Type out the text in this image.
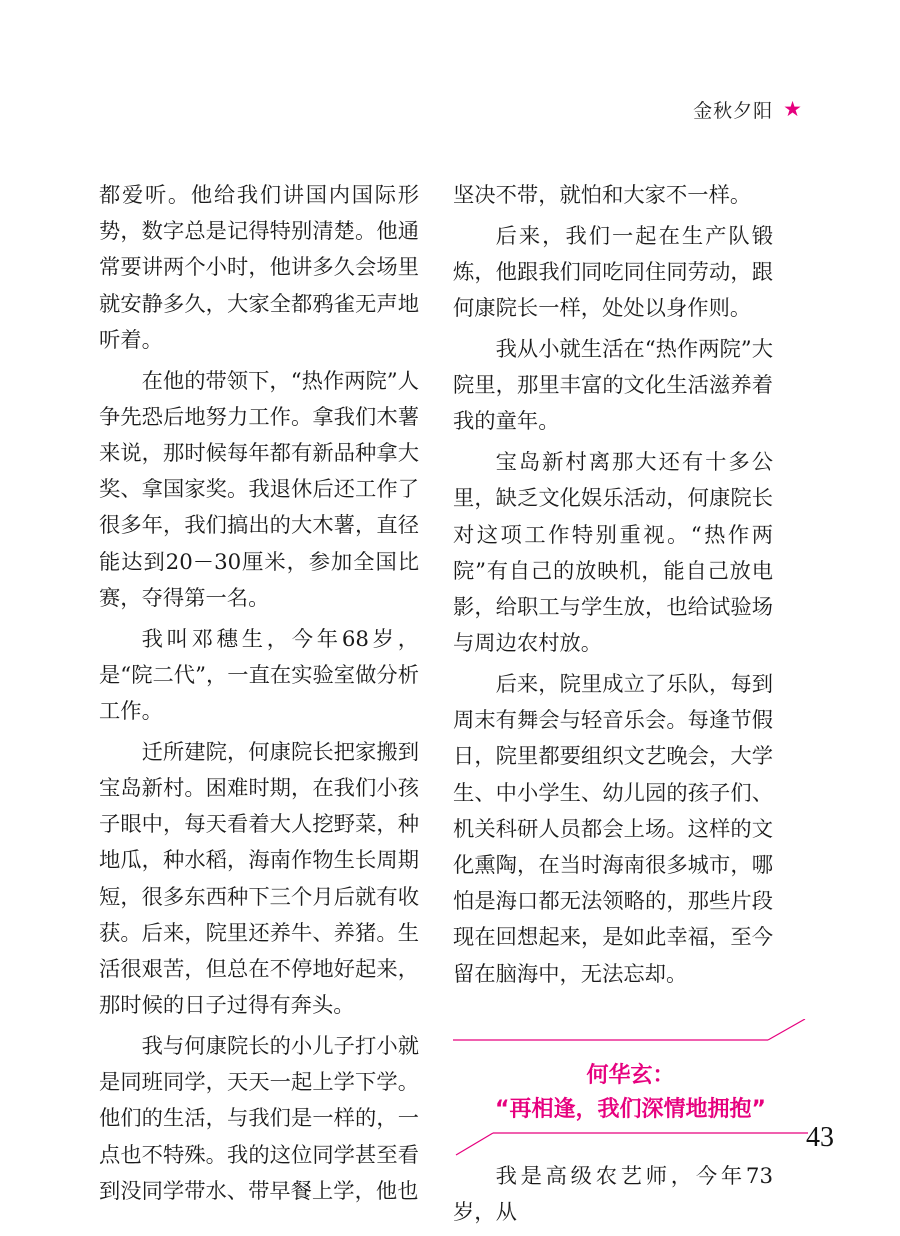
金秋夕阳 ★

都爱听。他给我们讲国内国际形势，数字总是记得特别清楚。他通常要讲两个小时，他讲多久会场里就安静多久，大家全都鸦雀无声地听着。

在他的带领下，“热作两院”人争先恐后地努力工作。拿我们木薯来说，那时候每年都有新品种拿大奖、拿国家奖。我退休后还工作了很多年，我们搞出的大木薯，直径能达到20－30厘米，参加全国比赛，夺得第一名。

我叫邓穗生，今年68岁，是“院二代”，一直在实验室做分析工作。

迁所建院，何康院长把家搬到宝岛新村。困难时期，在我们小孩子眼中，每天看着大人挖野菜，种地瓜，种水稻，海南作物生长周期短，很多东西种下三个月后就有收获。后来，院里还养牛、养猪。生活很艰苦，但总在不停地好起来，那时候的日子过得有奔头。

我与何康院长的小儿子打小就是同班同学，天天一起上学下学。他们的生活，与我们是一样的，一点也不特殊。我的这位同学甚至看到没同学带水、带早餐上学，他也

坚决不带，就怕和大家不一样。

后来，我们一起在生产队锻炼，他跟我们同吃同住同劳动，跟何康院长一样，处处以身作则。

我从小就生活在“热作两院”大院里，那里丰富的文化生活滋养着我的童年。

宝岛新村离那大还有十多公里，缺乏文化娱乐活动，何康院长对这项工作特别重视。“热作两院”有自己的放映机，能自己放电影，给职工与学生放，也给试验场与周边农村放。

后来，院里成立了乐队，每到周末有舞会与轻音乐会。每逢节假日，院里都要组织文艺晚会，大学生、中小学生、幼儿园的孩子们、机关科研人员都会上场。这样的文化熏陶，在当时海南很多城市，哪怕是海口都无法领略的，那些片段现在回想起来，是如此幸福，至今留在脑海中，无法忘却。

何华玄：
“再相逢，我们深情地拥抱”

我是高级农艺师，今年73岁，从

43
